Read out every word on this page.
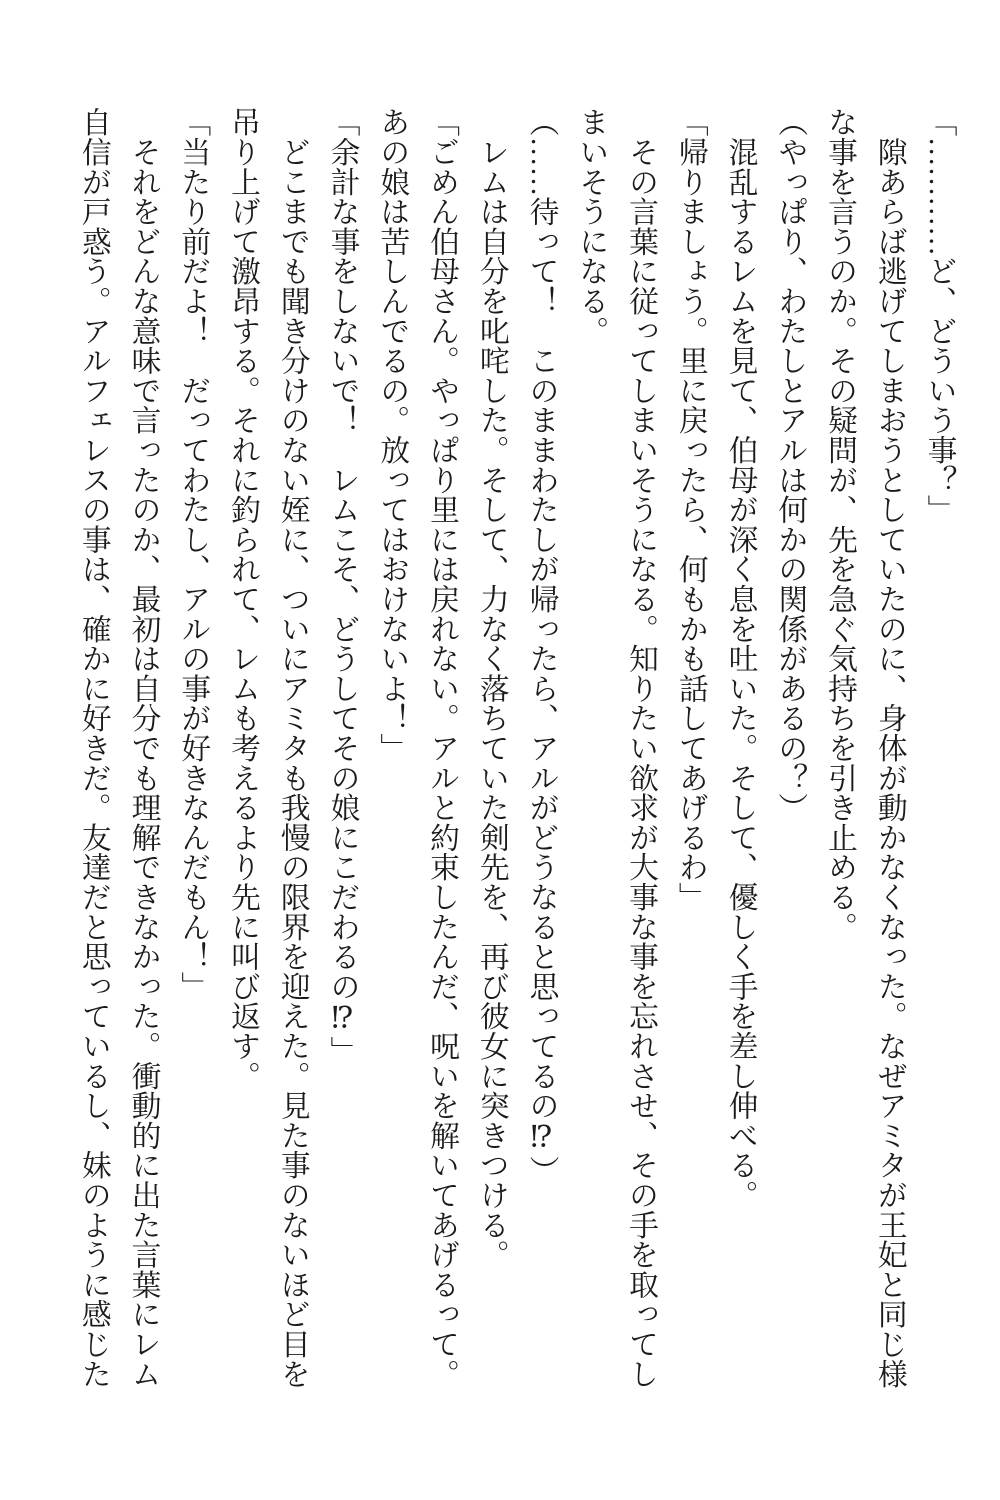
「…………ど、どういう事？」

　隙あらば逃げてしまおうとしていたのに、身体が動かなくなった。なぜアミタが王妃と同じ様

な事を言うのか。その疑問が、先を急ぐ気持ちを引き止める。

（やっぱり、わたしとアルは何かの関係があるの？）

　混乱するレムを見て、伯母が深く息を吐いた。そして、優しく手を差し伸べる。

「帰りましょう。里に戻ったら、何もかも話してあげるわ」

　その言葉に従ってしまいそうになる。知りたい欲求が大事な事を忘れさせ、その手を取ってし

まいそうになる。

（……待って！　このままわたしが帰ったら、アルがどうなると思ってるの⁉）

　レムは自分を叱咤した。そして、力なく落ちていた剣先を、再び彼女に突きつける。

「ごめん伯母さん。やっぱり里には戻れない。アルと約束したんだ、呪いを解いてあげるって。

あの娘は苦しんでるの。放ってはおけないよ！」

「余計な事をしないで！　レムこそ、どうしてその娘にこだわるの⁉」

　どこまでも聞き分けのない姪に、ついにアミタも我慢の限界を迎えた。見た事のないほど目を

吊り上げて激昂する。それに釣られて、レムも考えるより先に叫び返す。

「当たり前だよ！　だってわたし、アルの事が好きなんだもん！」

　それをどんな意味で言ったのか、最初は自分でも理解できなかった。衝動的に出た言葉にレム

自信が戸惑う。アルフェレスの事は、確かに好きだ。友達だと思っているし、妹のように感じた
